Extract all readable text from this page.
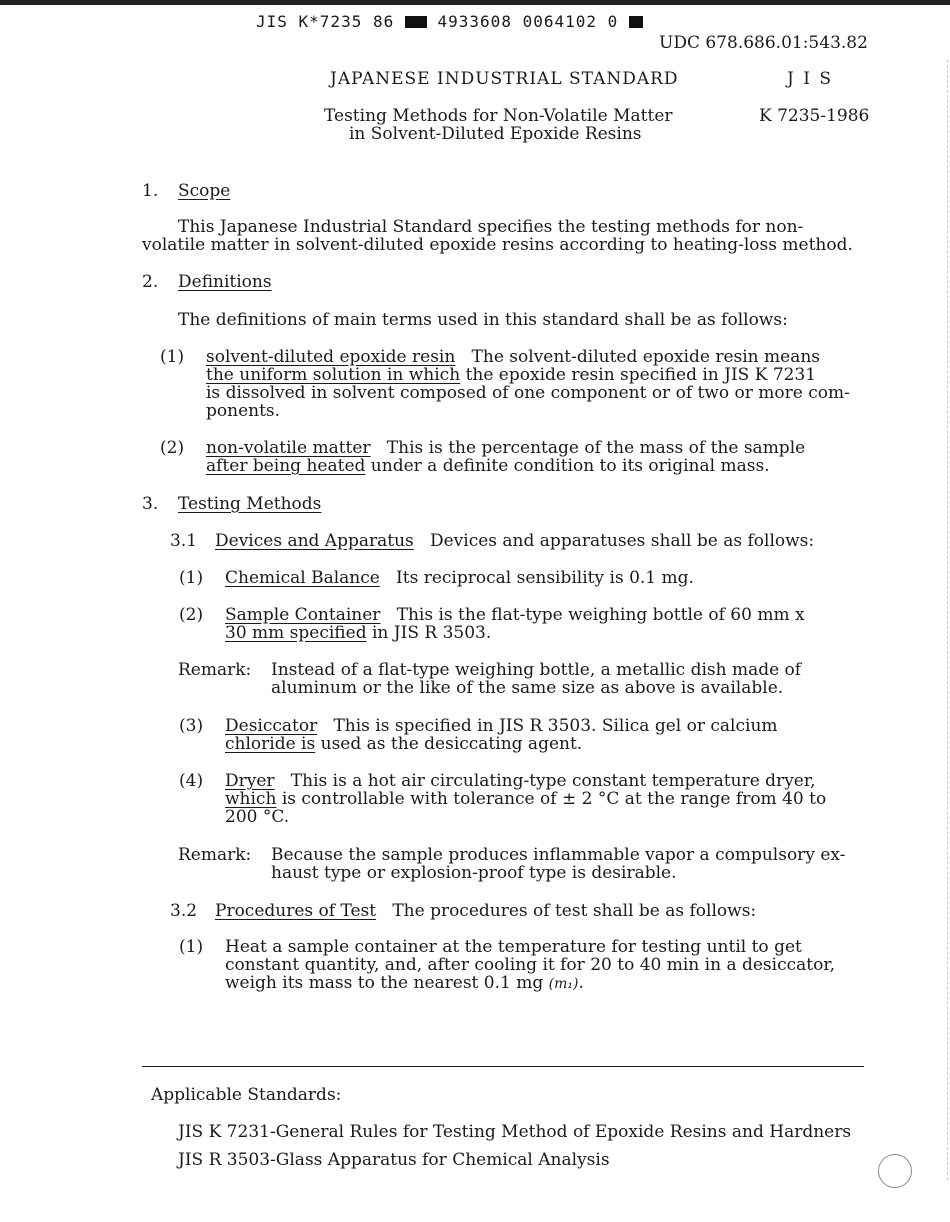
JIS K*7235 86	4933608 0064102 0
UDC 678.686.01:543.82
JAPANESE INDUSTRIAL STANDARD	J I S
Testing Methods for Non-Volatile Matter
in Solvent-Diluted Epoxide Resins
K 7235-1986
1. Scope
This Japanese Industrial Standard specifies the testing methods for non-
volatile matter in solvent-diluted epoxide resins according to heating-loss method.
2. Definitions
The definitions of main terms used in this standard shall be as follows:
(1) solvent-diluted epoxide resin The solvent-diluted epoxide resin means
the uniform solution in which the epoxide resin specified in JIS K 7231
is dissolved in solvent composed of one component or of two or more com-
ponents.
(2) non-volatile matter This is the percentage of the mass of the sample
after being heated under a definite condition to its original mass.
3. Testing Methods
3.1 Devices and Apparatus Devices and apparatuses shall be as follows:
(1) Chemical Balance Its reciprocal sensibility is 0.1 mg.
(2) Sample Container This is the flat-type weighing bottle of 60 mm x
30 mm specified in JIS R 3503.
Remark: Instead of a flat-type weighing bottle, a metallic dish made of
aluminum or the like of the same size as above is available.
(3) Desiccator This is specified in JIS R 3503. Silica gel or calcium
chloride is used as the desiccating agent.
(4) Dryer This is a hot air circulating-type constant temperature dryer,
which is controllable with tolerance of ± 2 °C at the range from 40 to
200 °C.
Remark: Because the sample produces inflammable vapor a compulsory ex-
haust type or explosion-proof type is desirable.
3.2 Procedures of Test The procedures of test shall be as follows:
(1) Heat a sample container at the temperature for testing until to get
constant quantity, and, after cooling it for 20 to 40 min in a desiccator,
weigh its mass to the nearest 0.1 mg (m₁).
Applicable Standards:
JIS K 7231-General Rules for Testing Method of Epoxide Resins and Hardners
JIS R 3503-Glass Apparatus for Chemical Analysis
